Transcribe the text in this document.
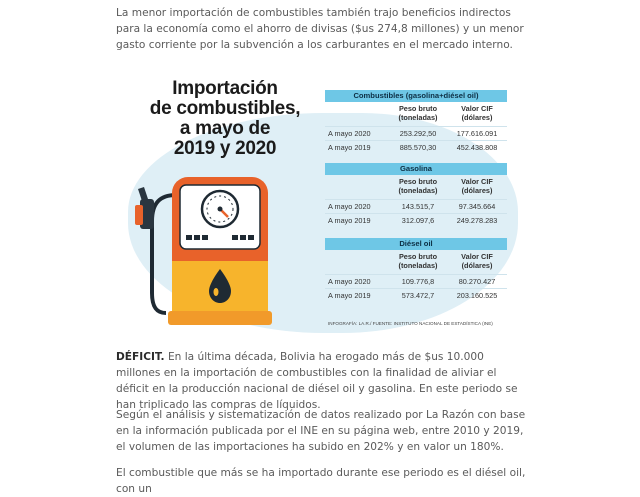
La menor importación de combustibles también trajo beneficios indirectos para la economía como el ahorro de divisas ($us 274,8 millones) y un menor gasto corriente por la subvención a los carburantes en el mercado interno.

Importación
de combustibles,
a mayo de
2019 y 2020
Combustibles (gasolina+diésel oil)
Peso bruto (toneladas)
Valor CIF (dólares)
A mayo 2020	253.292,50	177.616.091
A mayo 2019	885.570,30	452.438.808
Gasolina
Peso bruto (toneladas)
Valor CIF (dólares)
A mayo 2020	143.515,7	97.345.664
A mayo 2019	312.097,6	249.278.283
Diésel oil
Peso bruto (toneladas)
Valor CIF (dólares)
A mayo 2020	109.776,8	80.270.427
A mayo 2019	573.472,7	203.160.525
INFOGRAFÍA: LA.R./ FUENTE: INSTITUTO NACIONAL DE ESTADÍSTICA (INE)

DÉFICIT. En la última década, Bolivia ha erogado más de $us 10.000 millones en la importación de combustibles con la finalidad de aliviar el déficit en la producción nacional de diésel oil y gasolina. En este periodo se han triplicado las compras de líquidos.

Según el análisis y sistematización de datos realizado por La Razón con base en la información publicada por el INE en su página web, entre 2010 y 2019, el volumen de las importaciones ha subido en 202% y en valor un 180%.

El combustible que más se ha importado durante ese periodo es el diésel oil, con un
